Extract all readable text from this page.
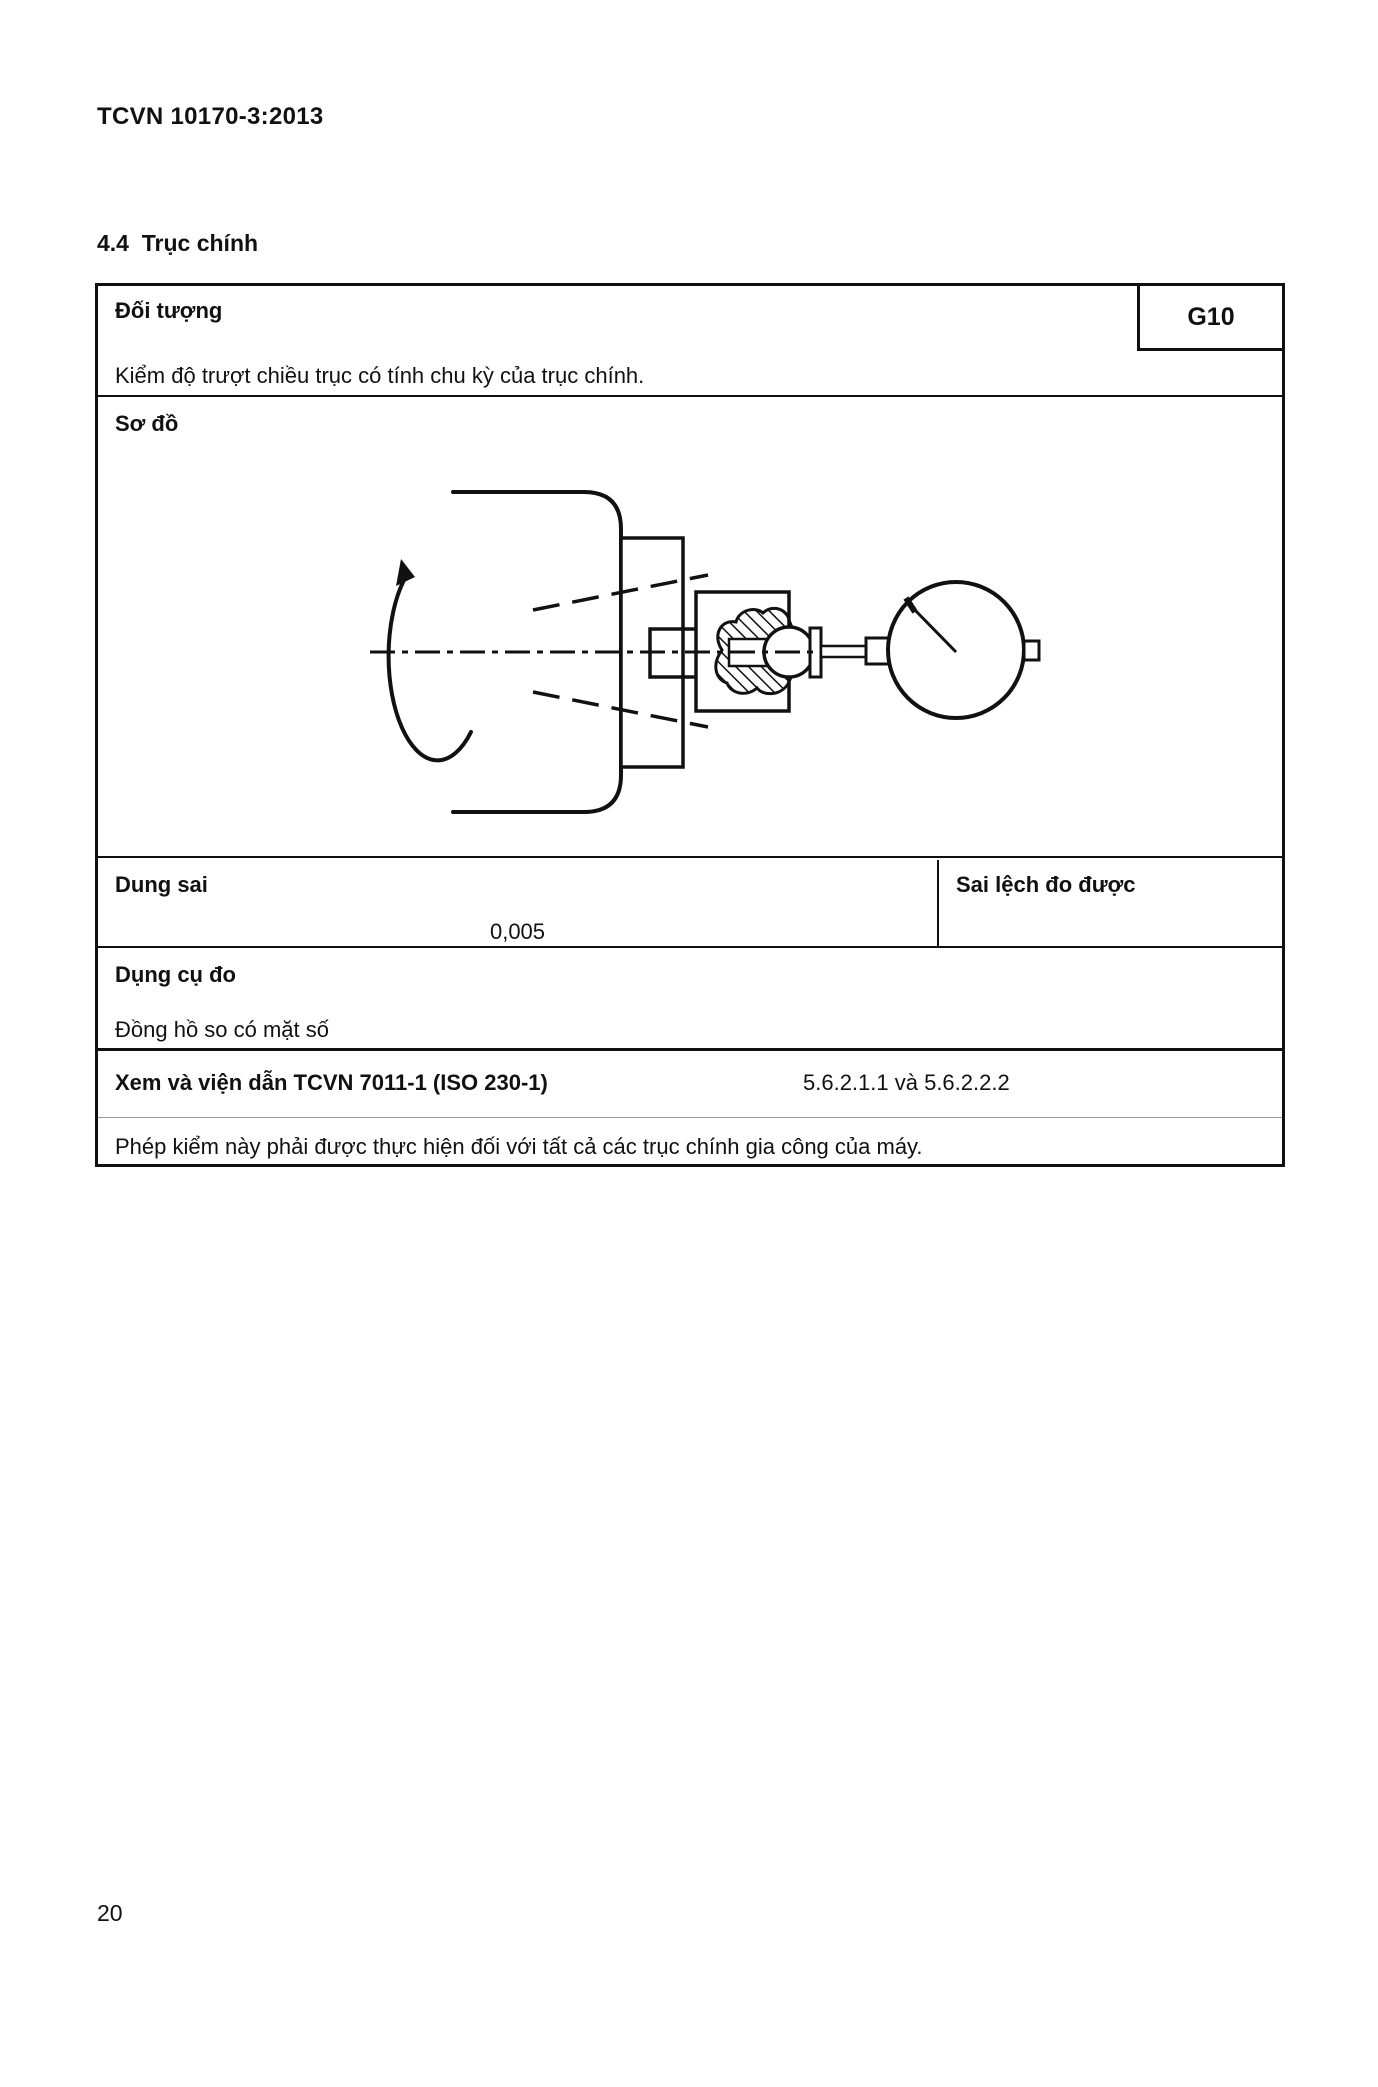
TCVN 10170-3:2013
4.4  Trục chính
G10
Đối tượng
Kiểm độ trượt chiều trục có tính chu kỳ của trục chính.
Sơ đồ
Dung sai
0,005
Sai lệch đo được
Dụng cụ đo
Đồng hồ so có mặt số
Xem và viện dẫn TCVN 7011-1 (ISO 230-1)	5.6.2.1.1 và 5.6.2.2.2
Phép kiểm này phải được thực hiện đối với tất cả các trục chính gia công của máy.
20
